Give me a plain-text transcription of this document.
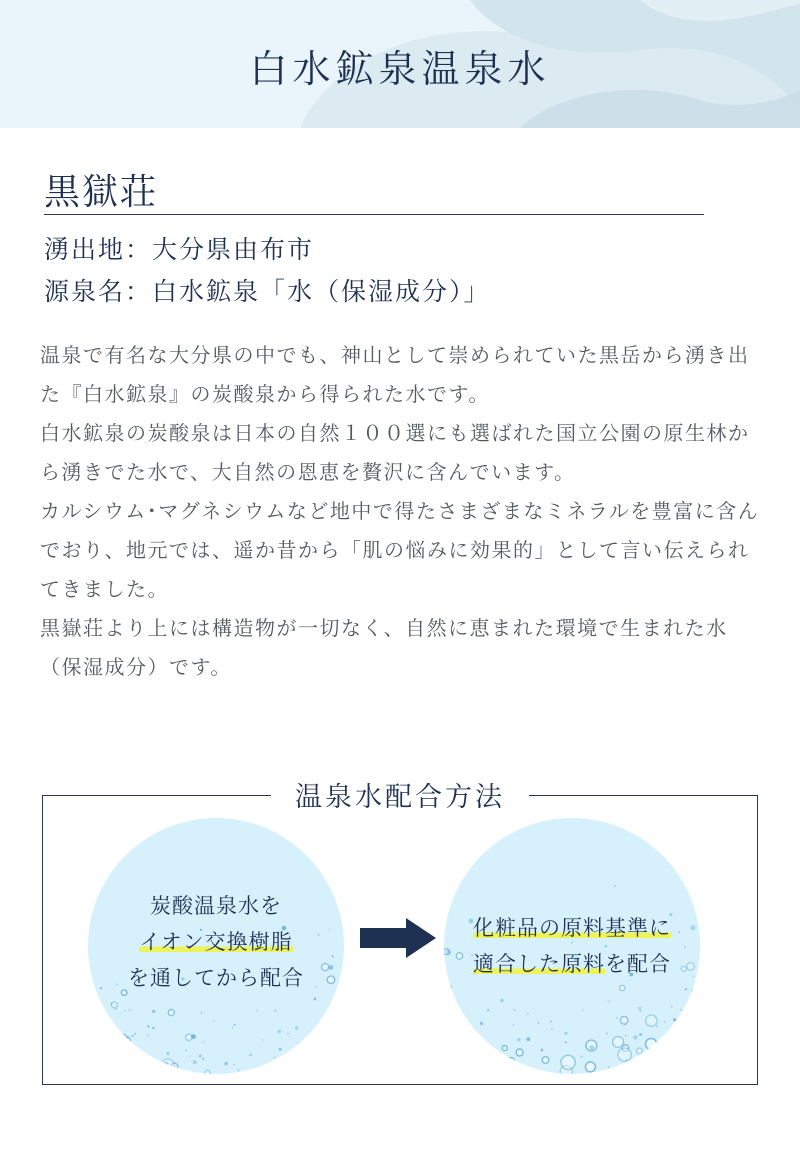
白水鉱泉温泉水
黒獄荘
湧出地：大分県由布市
源泉名：白水鉱泉「水（保湿成分）」

温泉で有名な大分県の中でも、神山として崇められていた黒岳から湧き出た『白水鉱泉』の炭酸泉から得られた水です。

白水鉱泉の炭酸泉は日本の自然１００選にも選ばれた国立公園の原生林から湧きでた水で、大自然の恩恵を贅沢に含んでいます。

カルシウム･マグネシウムなど地中で得たさまざまなミネラルを豊富に含んでおり、地元では、遥か昔から「肌の悩みに効果的」として言い伝えられてきました。

黒嶽荘より上には構造物が一切なく、自然に恵まれた環境で生まれた水（保湿成分）です。

温泉水配合方法
炭酸温泉水を
イオン交換樹脂
を通してから配合
化粧品の原料基準に
適合した原料を配合
